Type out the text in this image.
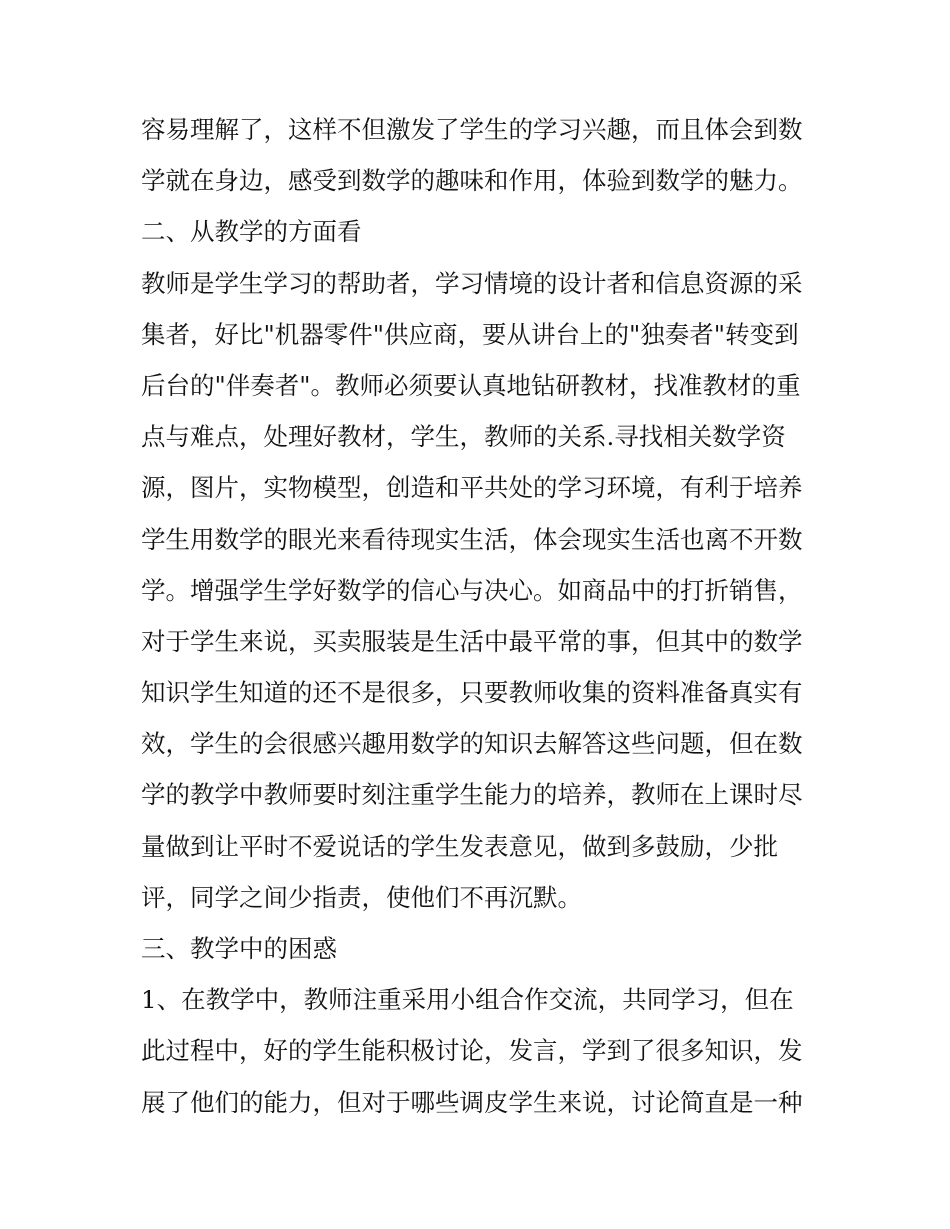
容易理解了，这样不但激发了学生的学习兴趣，而且体会到数
学就在身边，感受到数学的趣味和作用，体验到数学的魅力。
二、从教学的方面看
教师是学生学习的帮助者，学习情境的设计者和信息资源的采
集者，好比"机器零件"供应商，要从讲台上的"独奏者"转变到
后台的"伴奏者"。教师必须要认真地钻研教材，找准教材的重
点与难点，处理好教材，学生，教师的关系.寻找相关数学资
源，图片，实物模型，创造和平共处的学习环境，有利于培养
学生用数学的眼光来看待现实生活，体会现实生活也离不开数
学。增强学生学好数学的信心与决心。如商品中的打折销售，
对于学生来说，买卖服装是生活中最平常的事，但其中的数学
知识学生知道的还不是很多，只要教师收集的资料准备真实有
效，学生的会很感兴趣用数学的知识去解答这些问题，但在数
学的教学中教师要时刻注重学生能力的培养，教师在上课时尽
量做到让平时不爱说话的学生发表意见，做到多鼓励，少批
评，同学之间少指责，使他们不再沉默。
三、教学中的困惑
1、在教学中，教师注重采用小组合作交流，共同学习，但在
此过程中，好的学生能积极讨论，发言，学到了很多知识，发
展了他们的能力，但对于哪些调皮学生来说，讨论简直是一种
